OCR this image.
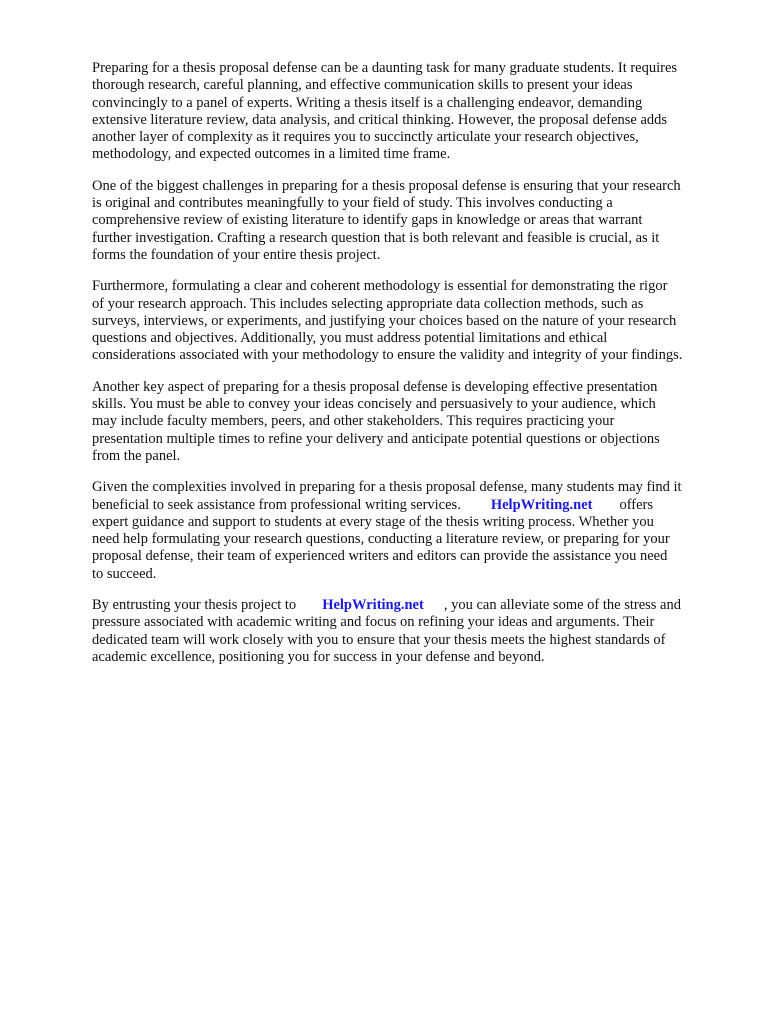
Preparing for a thesis proposal defense can be a daunting task for many graduate students. It requires
thorough research, careful planning, and effective communication skills to present your ideas
convincingly to a panel of experts. Writing a thesis itself is a challenging endeavor, demanding
extensive literature review, data analysis, and critical thinking. However, the proposal defense adds
another layer of complexity as it requires you to succinctly articulate your research objectives,
methodology, and expected outcomes in a limited time frame.

One of the biggest challenges in preparing for a thesis proposal defense is ensuring that your research
is original and contributes meaningfully to your field of study. This involves conducting a
comprehensive review of existing literature to identify gaps in knowledge or areas that warrant
further investigation. Crafting a research question that is both relevant and feasible is crucial, as it
forms the foundation of your entire thesis project.

Furthermore, formulating a clear and coherent methodology is essential for demonstrating the rigor
of your research approach. This includes selecting appropriate data collection methods, such as
surveys, interviews, or experiments, and justifying your choices based on the nature of your research
questions and objectives. Additionally, you must address potential limitations and ethical
considerations associated with your methodology to ensure the validity and integrity of your findings.

Another key aspect of preparing for a thesis proposal defense is developing effective presentation
skills. You must be able to convey your ideas concisely and persuasively to your audience, which
may include faculty members, peers, and other stakeholders. This requires practicing your
presentation multiple times to refine your delivery and anticipate potential questions or objections
from the panel.

Given the complexities involved in preparing for a thesis proposal defense, many students may find it
beneficial to seek assistance from professional writing services. HelpWriting.net offers
expert guidance and support to students at every stage of the thesis writing process. Whether you
need help formulating your research questions, conducting a literature review, or preparing for your
proposal defense, their team of experienced writers and editors can provide the assistance you need
to succeed.

By entrusting your thesis project to HelpWriting.net , you can alleviate some of the stress and
pressure associated with academic writing and focus on refining your ideas and arguments. Their
dedicated team will work closely with you to ensure that your thesis meets the highest standards of
academic excellence, positioning you for success in your defense and beyond.
